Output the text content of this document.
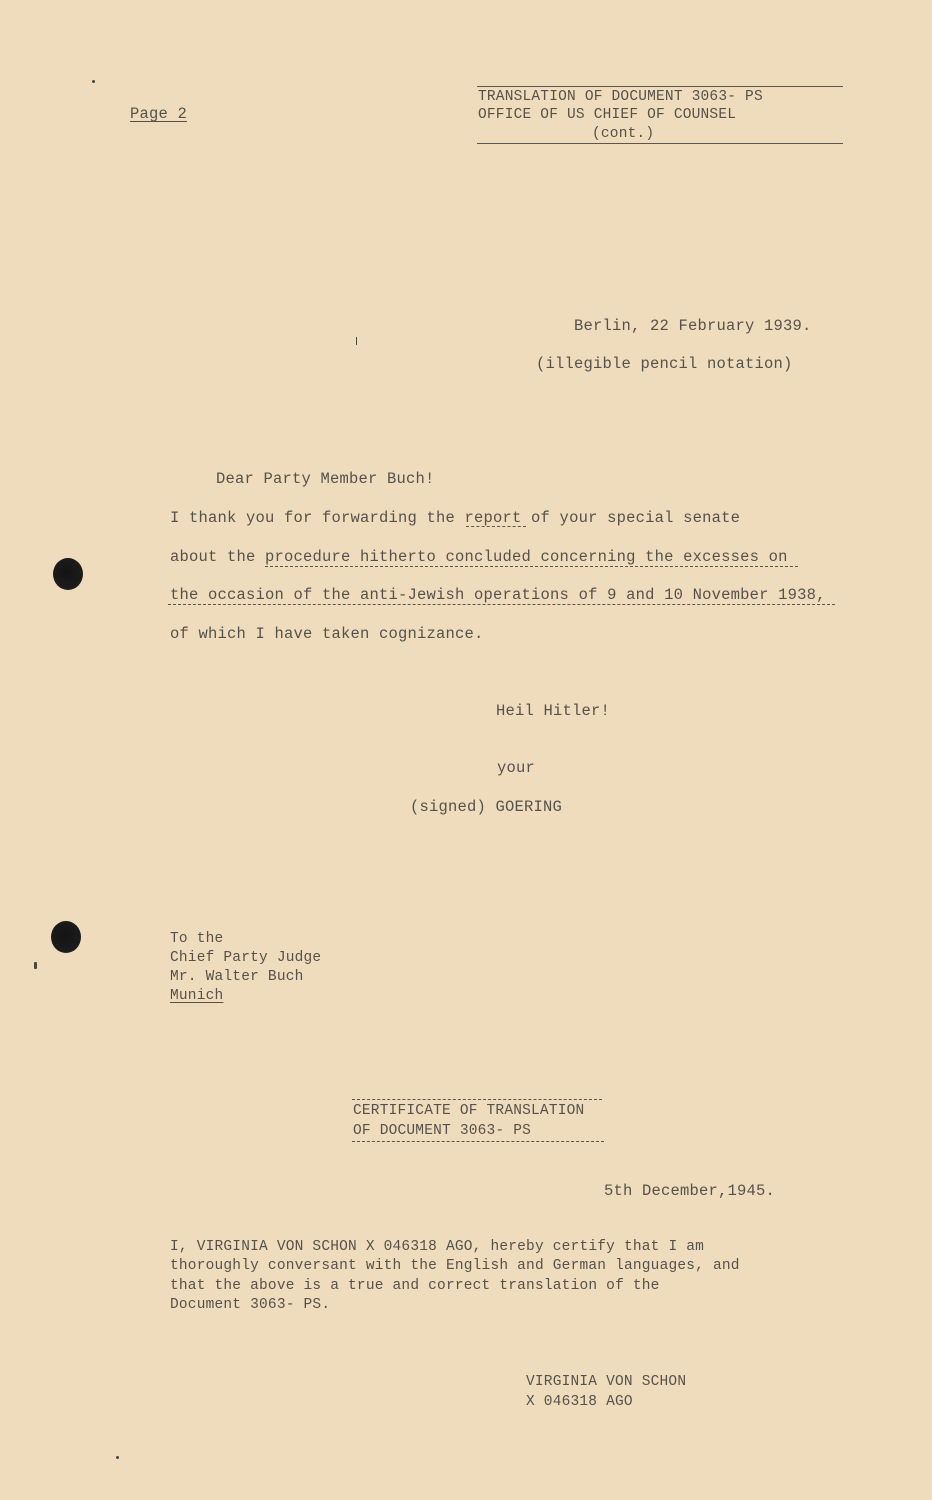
Page 2
TRANSLATION OF DOCUMENT 3063- PS
OFFICE OF US CHIEF OF COUNSEL
(cont.)
Berlin, 22 February 1939.
(illegible pencil notation)
Dear Party Member Buch!
I thank you for forwarding the report of your special senate
about the procedure hitherto concluded concerning the excesses on
the occasion of the anti-Jewish operations of 9 and 10 November 1938,
of which I have taken cognizance.
Heil Hitler!
your
(signed) GOERING
To the
Chief Party Judge
Mr. Walter Buch
Munich
CERTIFICATE OF TRANSLATION
OF DOCUMENT 3063- PS
5th December,1945.
I, VIRGINIA VON SCHON X 046318 AGO, hereby certify that I am
thoroughly conversant with the English and German languages, and
that the above is a true and correct translation of the
Document 3063- PS.
VIRGINIA VON SCHON
X 046318 AGO
